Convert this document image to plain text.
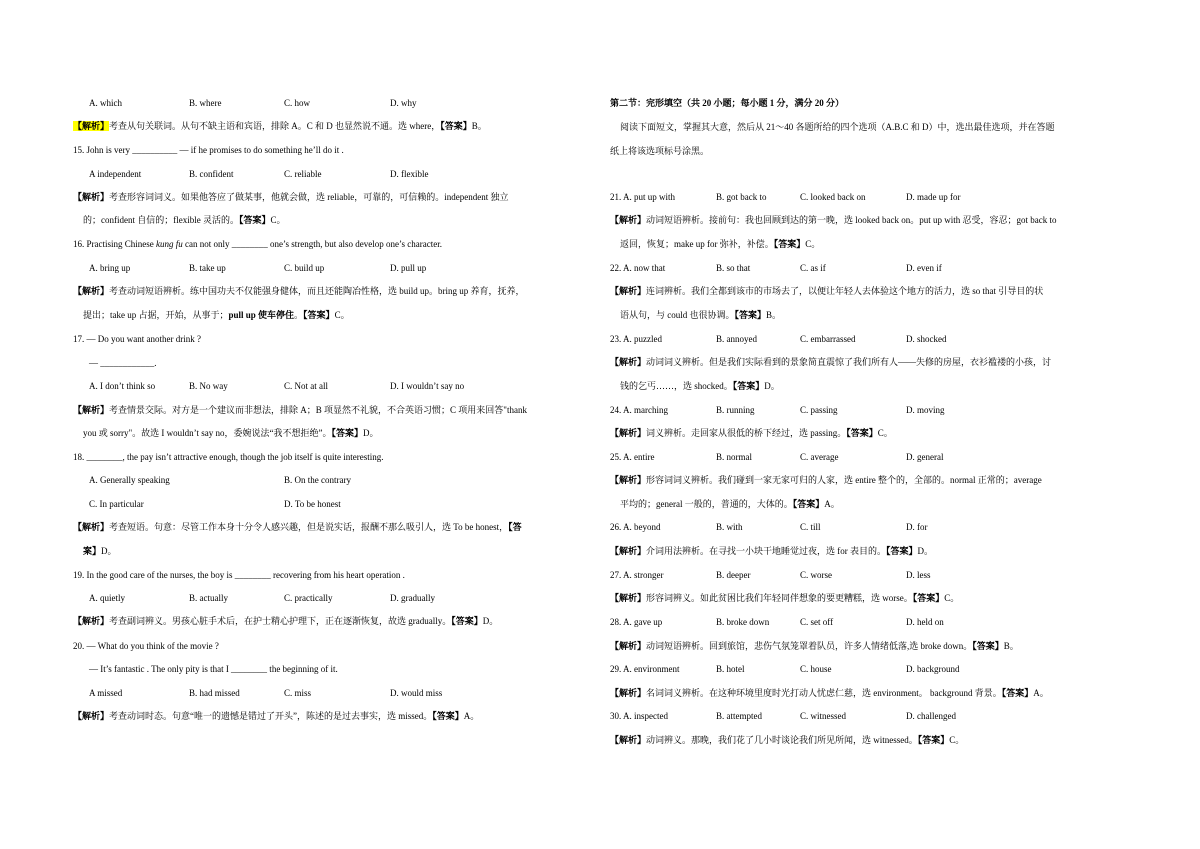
A. which	B. where	C. how	D. why
【解析】考查从句关联词。从句不缺主语和宾语，排除 A。C 和 D 也显然说不通。选 where，【答案】B。
15. John is very __________ — if he promises to do something he’ll do it .
A independent	B. confident	C. reliable	D. flexible
【解析】考查形容词词义。如果他答应了做某事，他就会做，选 reliable，可靠的，可信赖的。independent 独立
的；confident 自信的；flexible 灵活的。【答案】C。
16. Practising Chinese kung fu can not only ________ one’s strength, but also develop one’s character.
A. bring up	B. take up	C. build up	D. pull up
【解析】考查动词短语辨析。练中国功夫不仅能强身健体，而且还能陶冶性格，选 build up。bring up 养育，抚养，
提出；take up 占据，开始，从事于；pull up 使车停住。【答案】C。
17. — Do you want another drink ?
— ____________.
A. I don’t think so	B. No way	C. Not at all	D. I wouldn’t say no
【解析】考查情景交际。对方是一个建议而非想法，排除 A；B 项显然不礼貌，不合英语习惯；C 项用来回答"thank
you 或 sorry"。故选 I wouldn’t say no，委婉说法“我不想拒绝”。【答案】D。
18. ________, the pay isn’t attractive enough, though the job itself is quite interesting.
A. Generally speaking	B. On the contrary
C. In particular	D. To be honest
【解析】考查短语。句意：尽管工作本身十分令人感兴趣，但是说实话，报酬不那么吸引人，选 To be honest，【答
案】D。
19. In the good care of the nurses, the boy is ________ recovering from his heart operation .
A. quietly	B. actually	C. practically	D. gradually
【解析】考查副词辨义。男孩心脏手术后，在护士精心护理下，正在逐渐恢复，故选 gradually。【答案】D。
20. — What do you think of the movie ?
— It’s fantastic . The only pity is that I ________ the beginning of it.
A missed	B. had missed	C. miss	D. would miss
【解析】考查动词时态。句意“唯一的遗憾是错过了开头”，陈述的是过去事实，选 missed。【答案】A。
第二节：完形填空（共 20 小题；每小题 1 分，满分 20 分）
阅读下面短文，掌握其大意，然后从 21～40 各题所给的四个选项（A.B.C 和 D）中，选出最佳选项，并在答题
纸上将该选项标号涂黑。
21. A. put up with	B. got back to	C. looked back on	D. made up for
【解析】动词短语辨析。接前句：我也回顾到达的第一晚，选 looked back on。put up with 忍受，容忍；got back to
返回，恢复；make up for 弥补，补偿。【答案】C。
22. A. now that	B. so that	C. as if	D. even if
【解析】连词辨析。我们全都到该市的市场去了，以便让年轻人去体验这个地方的活力，选 so that 引导目的状
语从句，与 could 也很协调。【答案】B。
23. A. puzzled	B. annoyed	C. embarrassed	D. shocked
【解析】动词词义辨析。但是我们实际看到的景象简直震惊了我们所有人——失修的房屋，衣衫褴褛的小孩，讨
钱的乞丐……，选 shocked。【答案】D。
24. A. marching	B. running	C. passing	D. moving
【解析】词义辨析。走回家从很低的桥下经过，选 passing。【答案】C。
25. A. entire	B. normal	C. average	D. general
【解析】形容词词义辨析。我们碰到一家无家可归的人家，选 entire 整个的，全部的。normal 正常的；average
平均的；general 一般的，普通的，大体的。【答案】A。
26. A. beyond	B. with	C. till	D. for
【解析】介词用法辨析。在寻找一小块干地睡觉过夜，选 for 表目的。【答案】D。
27. A. stronger	B. deeper	C. worse	D. less
【解析】形容词辨义。如此贫困比我们年轻同伴想象的要更糟糕，选 worse。【答案】C。
28. A. gave up	B. broke down	C. set off	D. held on
【解析】动词短语辨析。回到旅馆，悲伤气氛笼罩着队员，许多人情绪低落,选 broke down。【答案】B。
29. A. environment	B. hotel	C. house	D. background
【解析】名词词义辨析。在这种环境里度时光打动人忧虑仁慈，选 environment。 background 背景。【答案】A。
30. A. inspected	B. attempted	C. witnessed	D. challenged
【解析】动词辨义。那晚，我们花了几小时谈论我们所见所闻，选 witnessed。【答案】C。
